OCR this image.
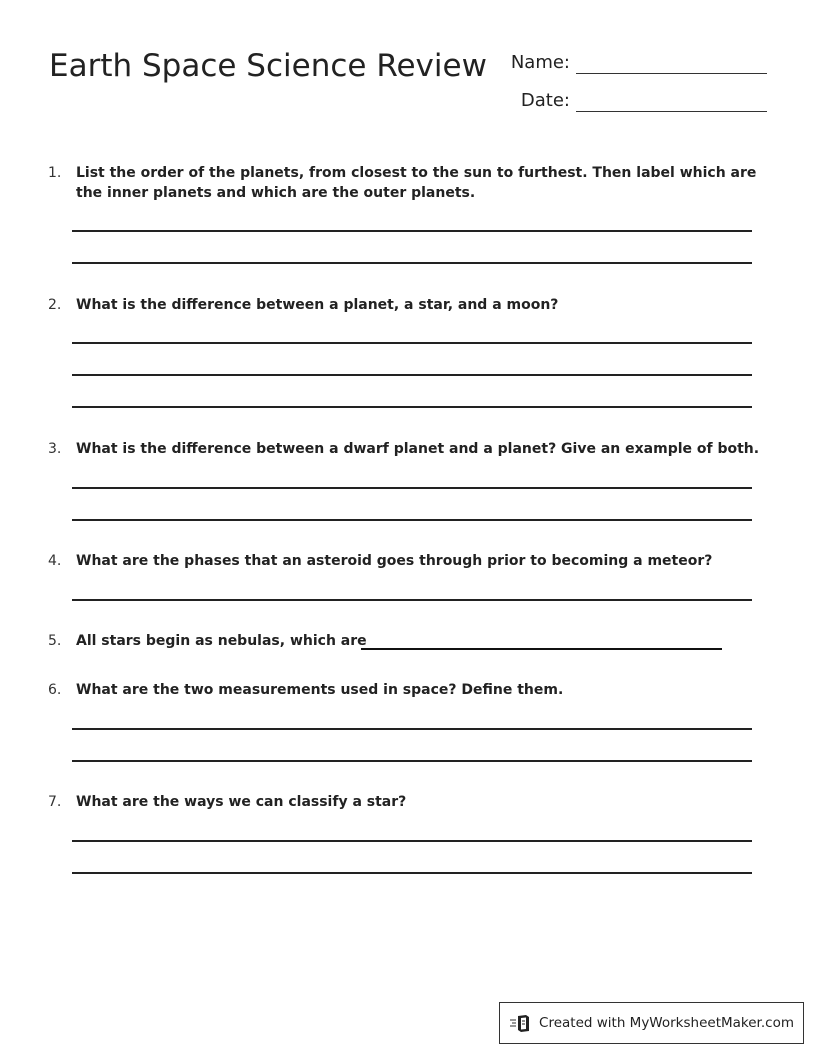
Earth Space Science Review	Name:
Date:
1.	List the order of the planets, from closest to the sun to furthest. Then label which are the inner planets and which are the outer planets.
2.	What is the difference between a planet, a star, and a moon?
3.	What is the difference between a dwarf planet and a planet? Give an example of both.
4.	What are the phases that an asteroid goes through prior to becoming a meteor?
5.	All stars begin as nebulas, which are
6.	What are the two measurements used in space? Define them.
7.	What are the ways we can classify a star?
Created with MyWorksheetMaker.com
